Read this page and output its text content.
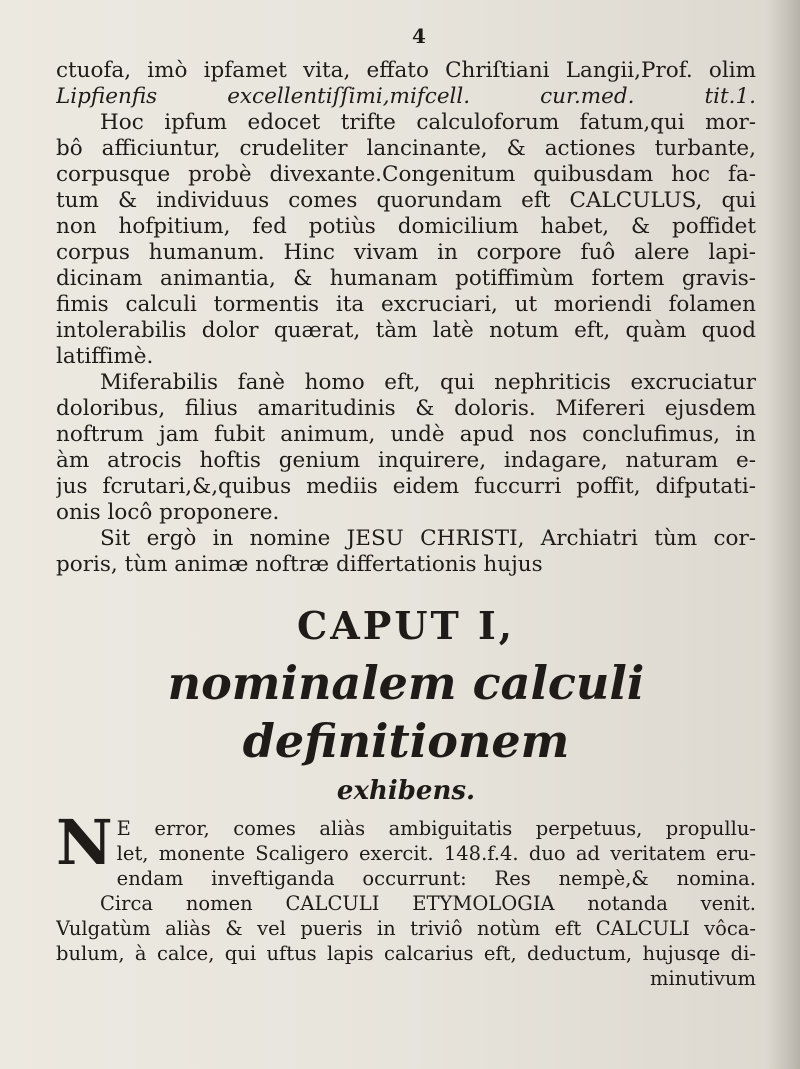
4
ctuofa, imò ipfamet vita, effato Chriſtiani Langii,Prof. olim
Lipfienfis excellentiſſimi,mifcell. cur.med. tit.1.
Hoc ipfum edocet trifte calculoforum fatum,qui mor-
bô afficiuntur, crudeliter lancinante, & actiones turbante,
corpusque probè divexante.Congenitum quibusdam hoc fa-
tum & individuus comes quorundam eft CALCULUS, qui
non hofpitium, fed potiùs domicilium habet, & poffidet
corpus humanum. Hinc vivam in corpore fuô alere lapi-
dicinam animantia, & humanam potiffimùm fortem gravis-
fimis calculi tormentis ita excruciari, ut moriendi folamen
intolerabilis dolor quærat, tàm latè notum eft, quàm quod
latiffimè.
Miferabilis fanè homo eft, qui nephriticis excruciatur
doloribus, filius amaritudinis & doloris. Mifereri ejusdem
noftrum jam fubit animum, undè apud nos conclufimus, in
àm atrocis hoftis genium inquirere, indagare, naturam e-
jus fcrutari,&,quibus mediis eidem fuccurri poffit, difputati-
onis locô proponere.
Sit ergò in nomine JESU CHRISTI, Archiatri tùm cor-
poris, tùm animæ noftræ differtationis hujus
CAPUT I,
nominalem calculi definitionem
exhibens.
N E error, comes aliàs ambiguitatis perpetuus, propullu-
let, monente Scaligero exercit. 148.f.4. duo ad veritatem eru-
endam inveftiganda occurrunt: Res nempè,& nomina.
Circa nomen CALCULI ETYMOLOGIA notanda venit.
Vulgatùm aliàs & vel pueris in triviô notùm eft CALCULI vôca-
bulum, à calce, qui uftus lapis calcarius eft, deductum, hujusqe di-
minutivum
